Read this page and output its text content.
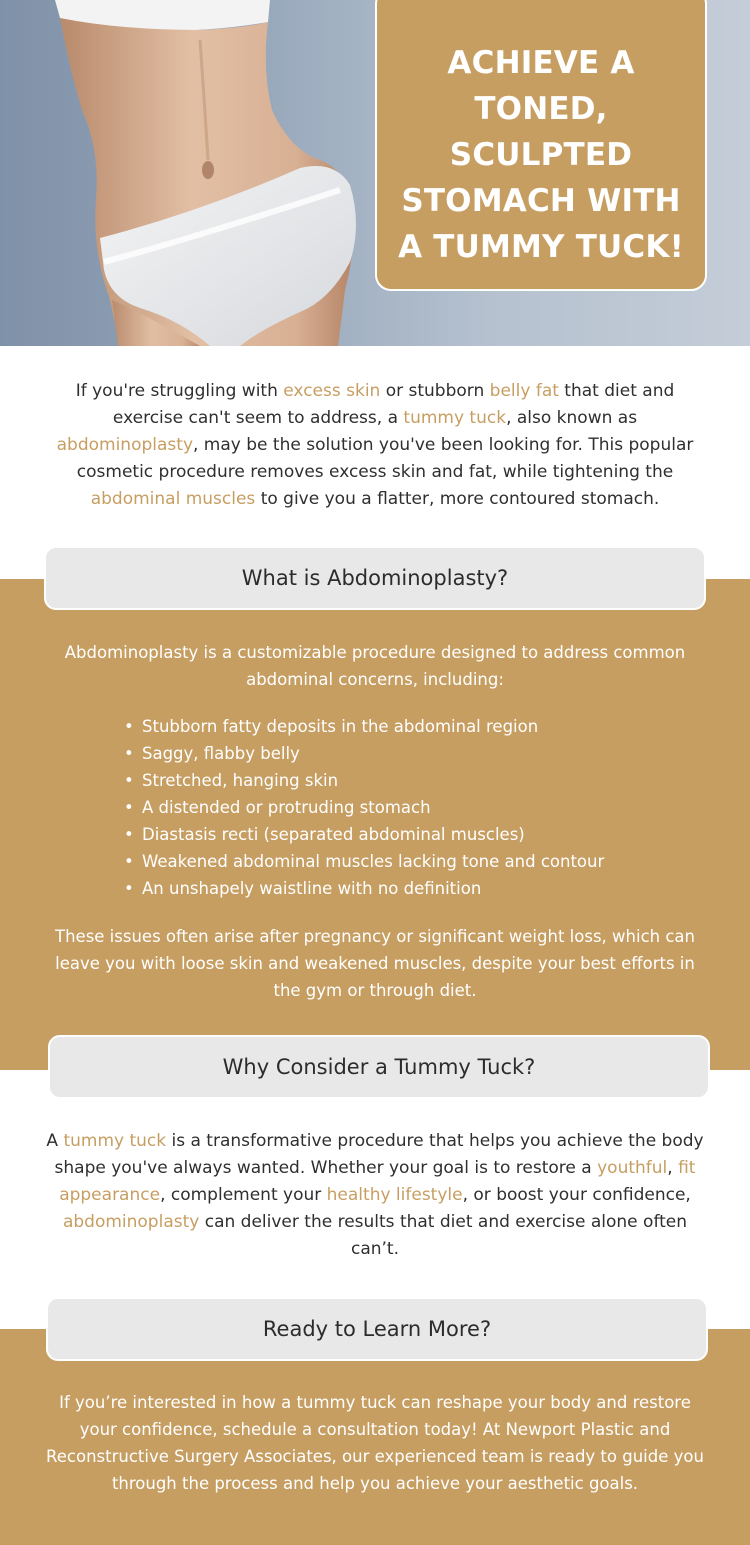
ACHIEVE A TONED, SCULPTED STOMACH WITH A TUMMY TUCK!

If you're struggling with excess skin or stubborn belly fat that diet and exercise can't seem to address, a tummy tuck, also known as abdominoplasty, may be the solution you've been looking for. This popular cosmetic procedure removes excess skin and fat, while tightening the abdominal muscles to give you a flatter, more contoured stomach.

What is Abdominoplasty?

Abdominoplasty is a customizable procedure designed to address common abdominal concerns, including:

• Stubborn fatty deposits in the abdominal region
• Saggy, flabby belly
• Stretched, hanging skin
• A distended or protruding stomach
• Diastasis recti (separated abdominal muscles)
• Weakened abdominal muscles lacking tone and contour
• An unshapely waistline with no definition

These issues often arise after pregnancy or significant weight loss, which can leave you with loose skin and weakened muscles, despite your best efforts in the gym or through diet.

Why Consider a Tummy Tuck?

A tummy tuck is a transformative procedure that helps you achieve the body shape you've always wanted. Whether your goal is to restore a youthful, fit appearance, complement your healthy lifestyle, or boost your confidence, abdominoplasty can deliver the results that diet and exercise alone often can’t.

Ready to Learn More?

If you’re interested in how a tummy tuck can reshape your body and restore your confidence, schedule a consultation today! At Newport Plastic and Reconstructive Surgery Associates, our experienced team is ready to guide you through the process and help you achieve your aesthetic goals.
